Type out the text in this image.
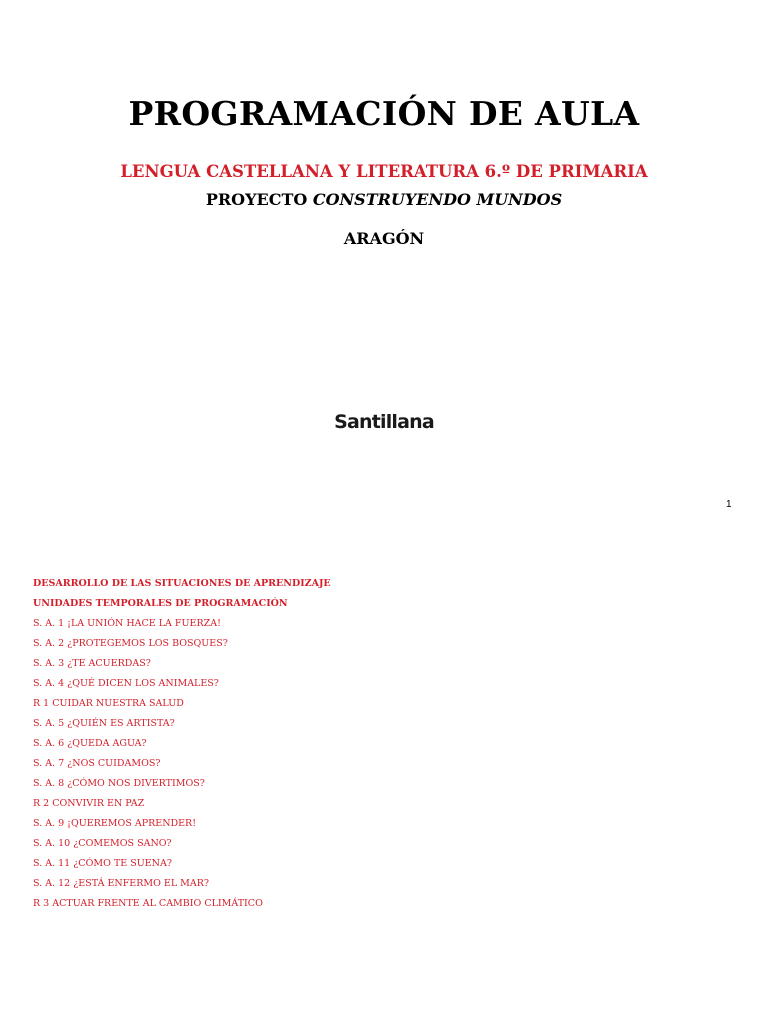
PROGRAMACIÓN DE AULA
LENGUA CASTELLANA Y LITERATURA 6.º DE PRIMARIA
PROYECTO CONSTRUYENDO MUNDOS
ARAGÓN
Santillana
1
DESARROLLO DE LAS SITUACIONES DE APRENDIZAJE
UNIDADES TEMPORALES DE PROGRAMACIÓN
S. A. 1 ¡LA UNIÓN HACE LA FUERZA!
S. A. 2 ¿PROTEGEMOS LOS BOSQUES?
S. A. 3 ¿TE ACUERDAS?
S. A. 4 ¿QUÉ DICEN LOS ANIMALES?
R 1 CUIDAR NUESTRA SALUD
S. A. 5 ¿QUIÉN ES ARTISTA?
S. A. 6 ¿QUEDA AGUA?
S. A. 7 ¿NOS CUIDAMOS?
S. A. 8 ¿CÓMO NOS DIVERTIMOS?
R 2 CONVIVIR EN PAZ
S. A. 9 ¡QUEREMOS APRENDER!
S. A. 10 ¿COMEMOS SANO?
S. A. 11 ¿CÓMO TE SUENA?
S. A. 12 ¿ESTÁ ENFERMO EL MAR?
R 3 ACTUAR FRENTE AL CAMBIO CLIMÁTICO
